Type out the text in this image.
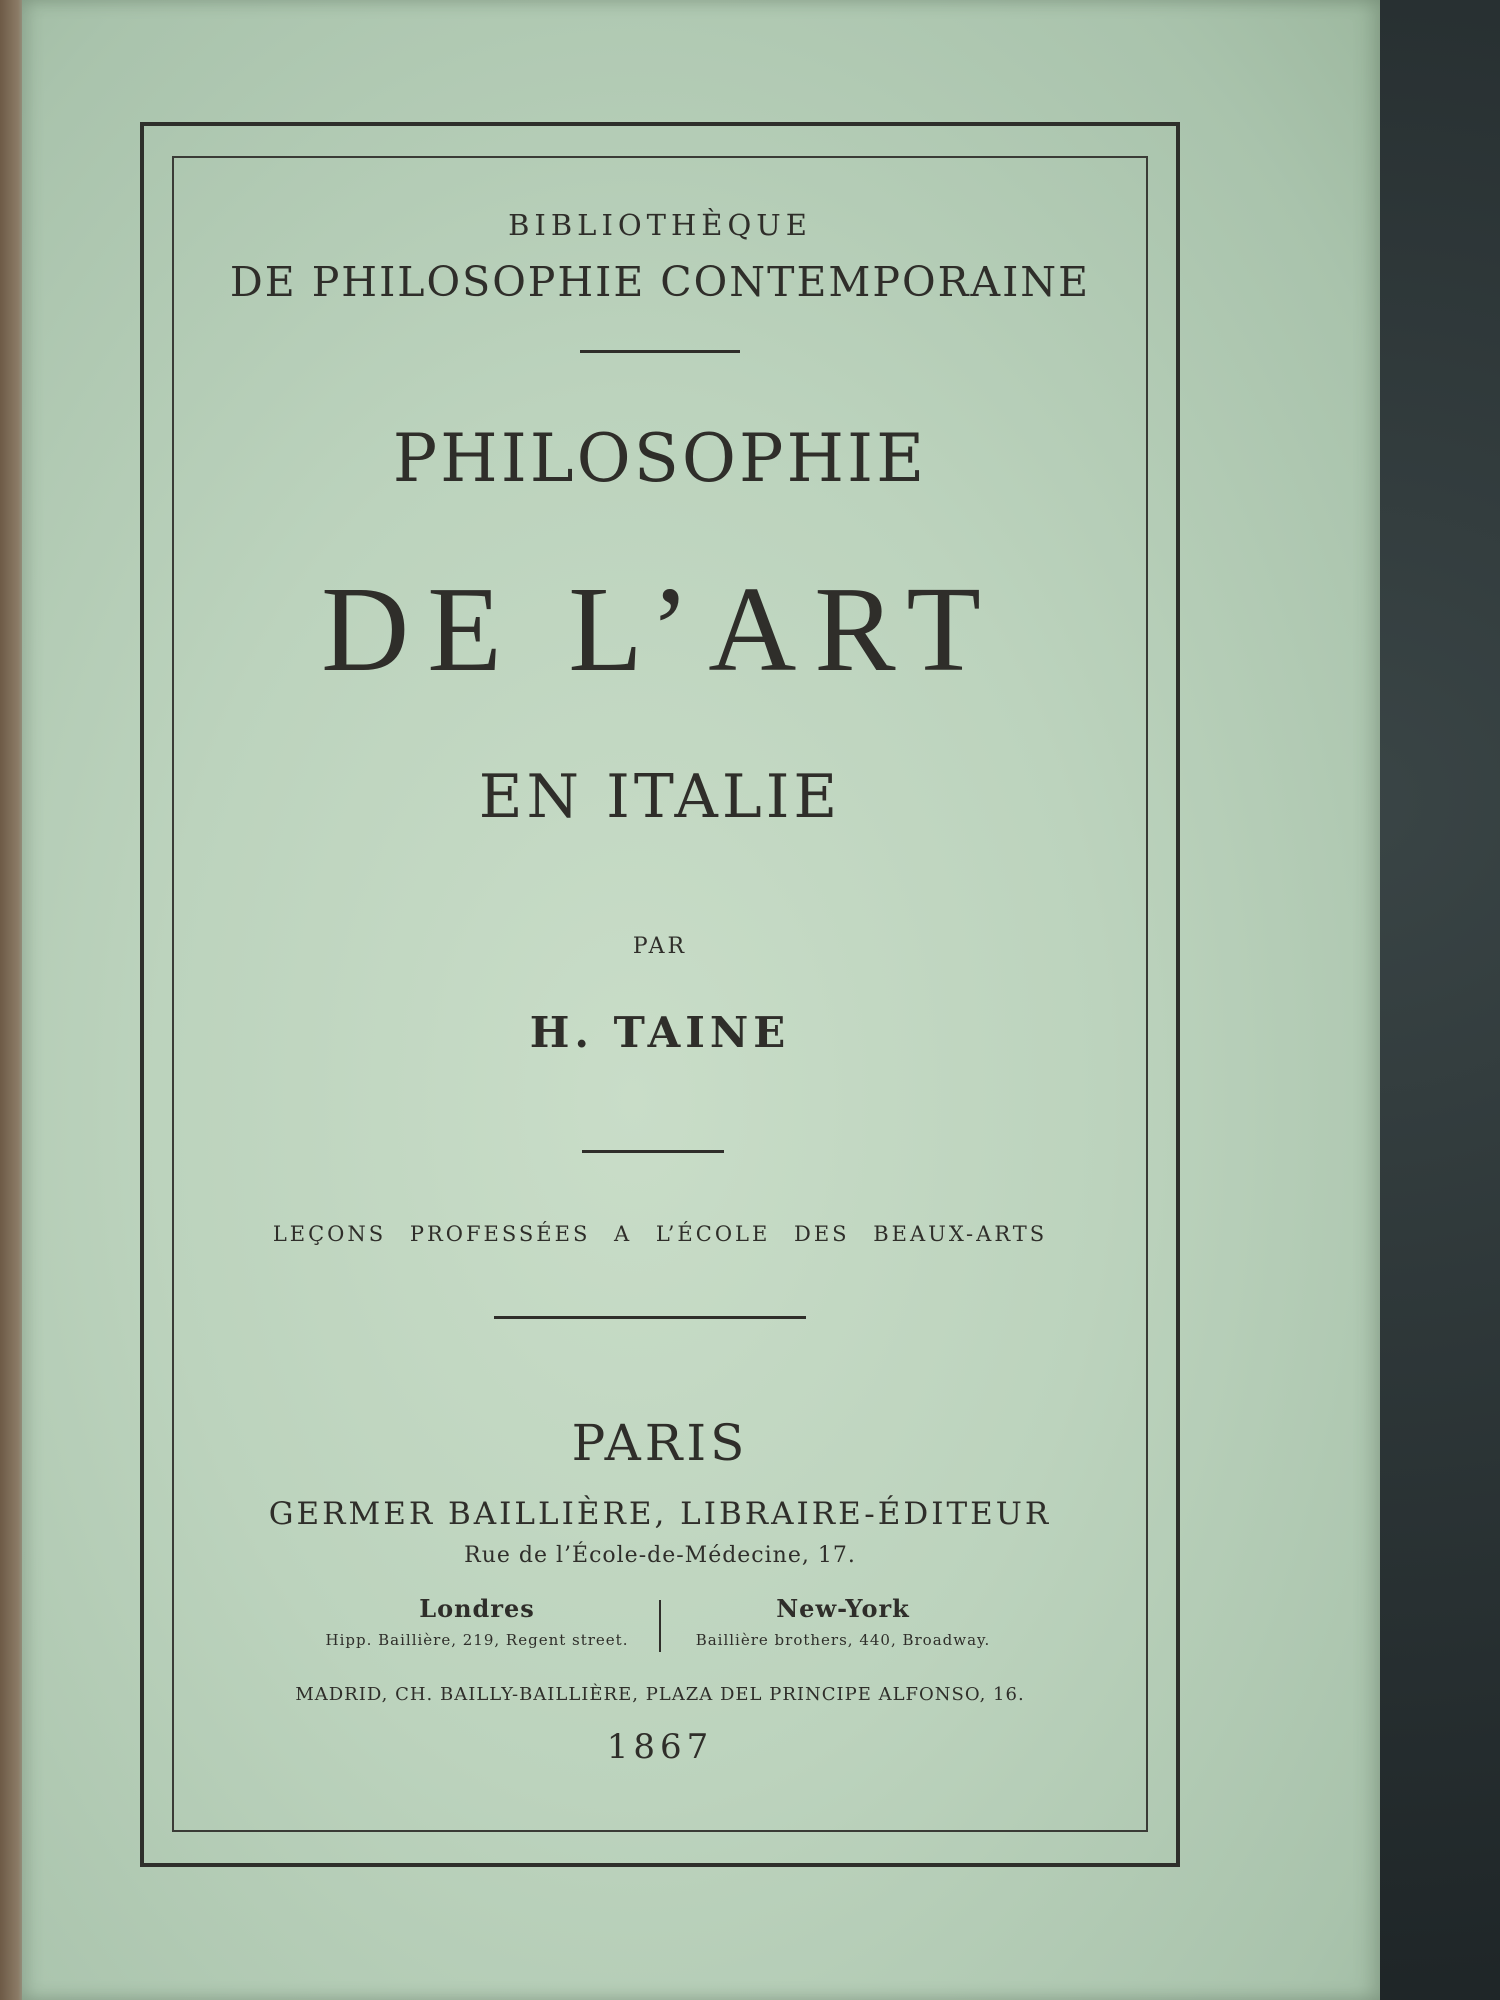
BIBLIOTHÈQUE
DE PHILOSOPHIE CONTEMPORAINE
PHILOSOPHIE
DE L’ART
EN ITALIE
PAR
H. TAINE
LEÇONS PROFESSÉES A L’ÉCOLE DES BEAUX-ARTS
PARIS
GERMER BAILLIÈRE, LIBRAIRE-ÉDITEUR
Rue de l’École-de-Médecine, 17.
Londres
Hipp. Baillière, 219, Regent street.
New-York
Baillière brothers, 440, Broadway.
MADRID, CH. BAILLY-BAILLIÈRE, PLAZA DEL PRINCIPE ALFONSO, 16.
1867
